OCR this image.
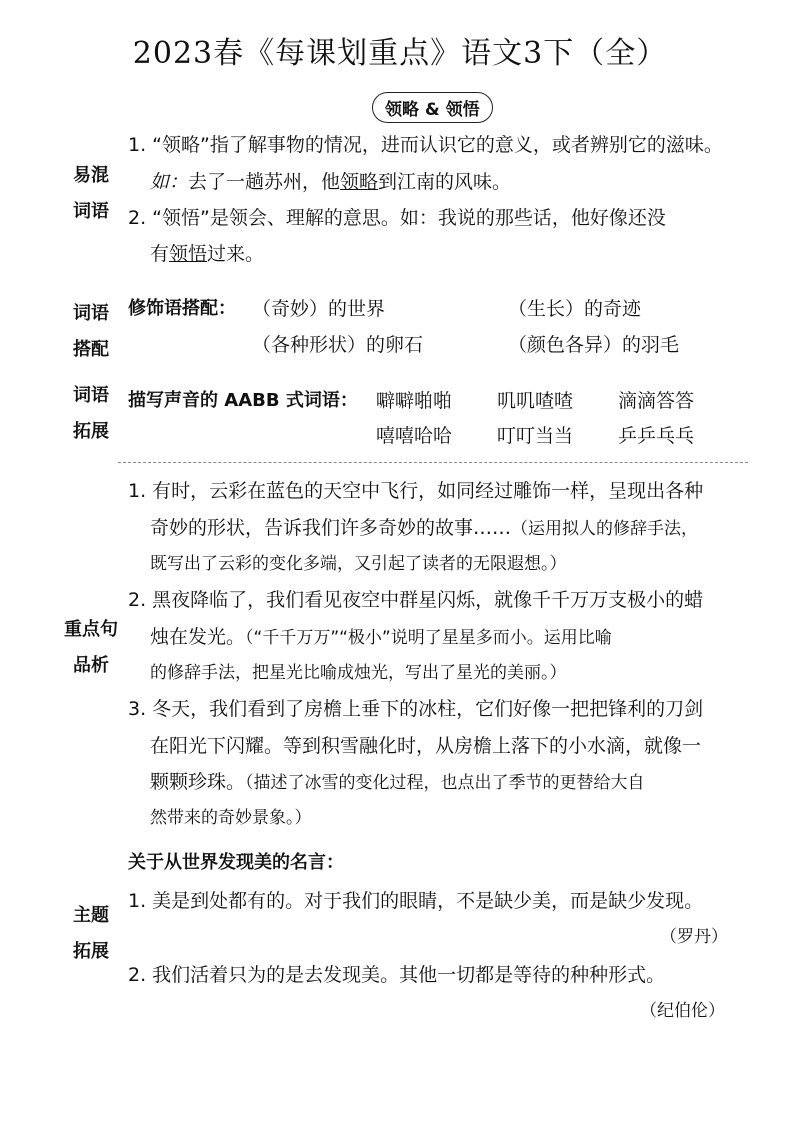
2023春《每课划重点》语文3下（全）
领略 & 领悟
易混
词语
词语
搭配
词语
拓展
重点句
品析
主题
拓展
1. “领略”指了解事物的情况，进而认识它的意义，或者辨别它的滋味。
如：去了一趟苏州，他领略到江南的风味。
2. “领悟”是领会、理解的意思。如：我说的那些话，他好像还没
有领悟过来。
修饰语搭配： （奇妙）的世界	（生长）的奇迹
（各种形状）的卵石	（颜色各异）的羽毛
描写声音的 AABB 式词语： 噼噼啪啪 叽叽喳喳 滴滴答答
嘻嘻哈哈 叮叮当当 乒乒乓乓
1. 有时，云彩在蓝色的天空中飞行，如同经过雕饰一样，呈现出各种
奇妙的形状，告诉我们许多奇妙的故事……（运用拟人的修辞手法，
既写出了云彩的变化多端，又引起了读者的无限遐想。）
2. 黑夜降临了，我们看见夜空中群星闪烁，就像千千万万支极小的蜡
烛在发光。（“千千万万”“极小”说明了星星多而小。运用比喻
的修辞手法，把星光比喻成烛光，写出了星光的美丽。）
3. 冬天，我们看到了房檐上垂下的冰柱，它们好像一把把锋利的刀剑
在阳光下闪耀。等到积雪融化时，从房檐上落下的小水滴，就像一
颗颗珍珠。（描述了冰雪的变化过程，也点出了季节的更替给大自
然带来的奇妙景象。）
关于从世界发现美的名言：
1. 美是到处都有的。对于我们的眼睛，不是缺少美，而是缺少发现。
（罗丹）
2. 我们活着只为的是去发现美。其他一切都是等待的种种形式。
（纪伯伦）
